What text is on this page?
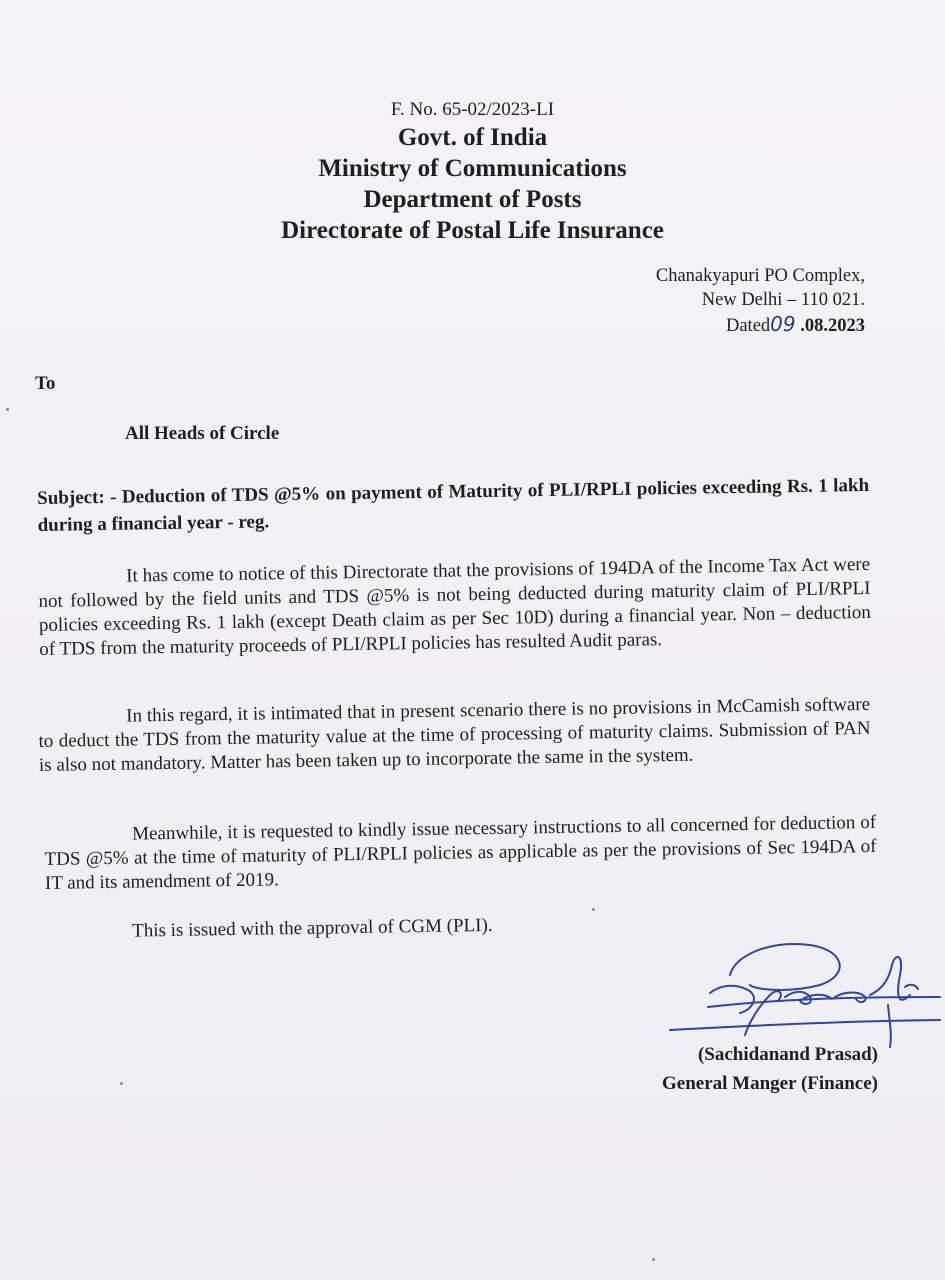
F. No. 65-02/2023-LI
Govt. of India
Ministry of Communications
Department of Posts
Directorate of Postal Life Insurance
Chanakyapuri PO Complex,
New Delhi – 110 021.
Dated09 .08.2023
To
All Heads of Circle
Subject: - Deduction of TDS @5% on payment of Maturity of PLI/RPLI policies exceeding Rs. 1 lakh during a financial year - reg.
It has come to notice of this Directorate that the provisions of 194DA of the Income Tax Act were not followed by the field units and TDS @5% is not being deducted during maturity claim of PLI/RPLI policies exceeding Rs. 1 lakh (except Death claim as per Sec 10D) during a financial year. Non – deduction of TDS from the maturity proceeds of PLI/RPLI policies has resulted Audit paras.
In this regard, it is intimated that in present scenario there is no provisions in McCamish software to deduct the TDS from the maturity value at the time of processing of maturity claims. Submission of PAN is also not mandatory. Matter has been taken up to incorporate the same in the system.
Meanwhile, it is requested to kindly issue necessary instructions to all concerned for deduction of TDS @5% at the time of maturity of PLI/RPLI policies as applicable as per the provisions of Sec 194DA of IT and its amendment of 2019.
This is issued with the approval of CGM (PLI).
(Sachidanand Prasad)
General Manger (Finance)
